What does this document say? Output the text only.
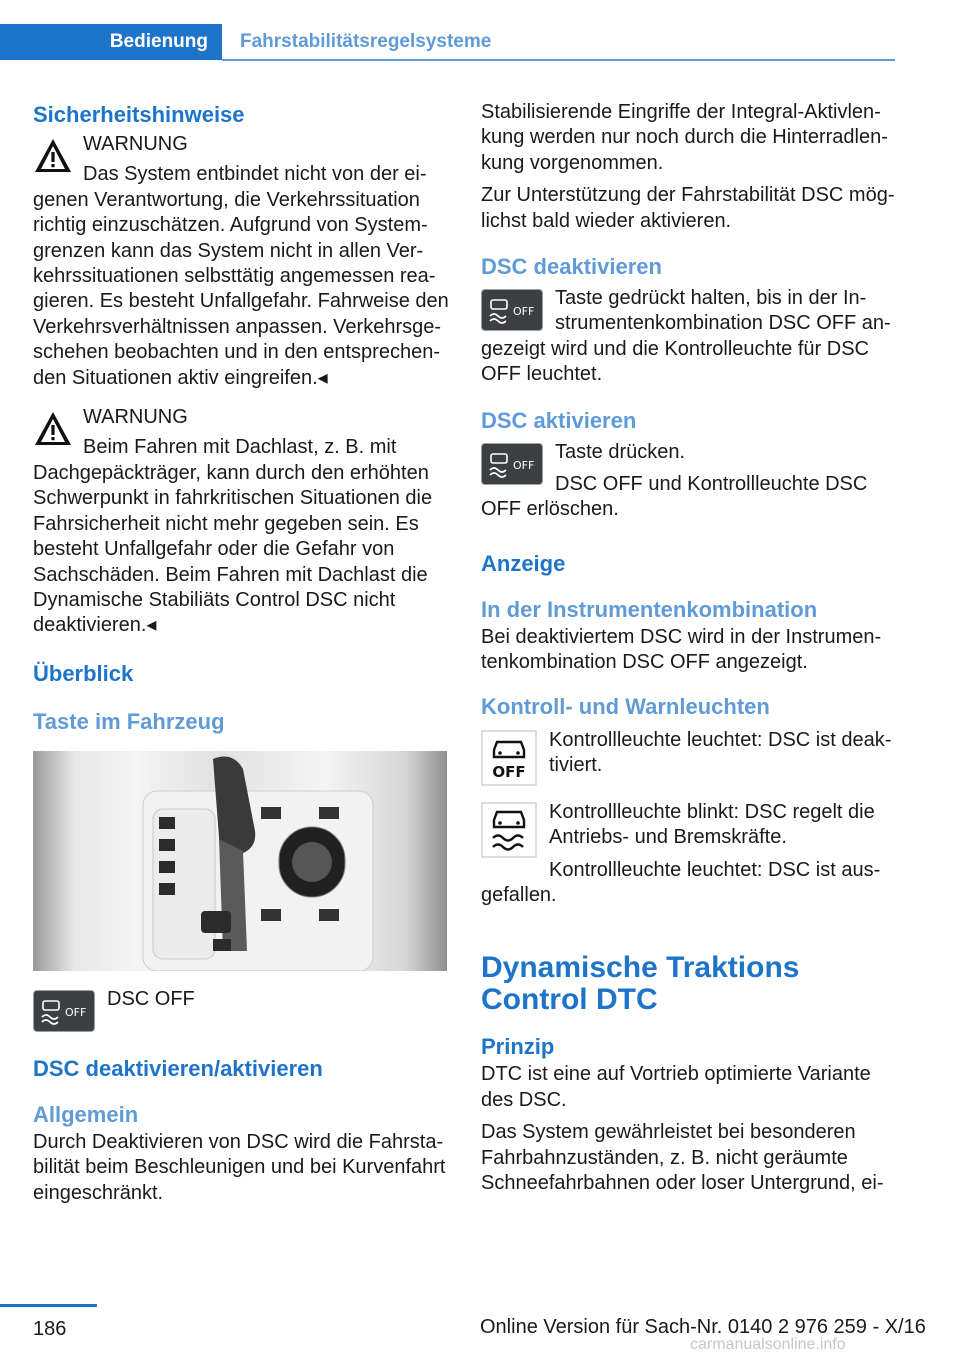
Bedienung	Fahrstabilitätsregelsysteme

Sicherheitshinweise

WARNUNG

Das System entbindet nicht von der ei-

genen Verantwortung, die Verkehrssituation richtig einzuschätzen. Aufgrund von System-grenzen kann das System nicht in allen Ver-kehrssituationen selbsttätig angemessen rea-gieren. Es besteht Unfallgefahr. Fahrweise den Verkehrsverhältnissen anpassen. Verkehrsge-schehen beobachten und in den entsprechen-den Situationen aktiv eingreifen.◂

WARNUNG

Beim Fahren mit Dachlast, z. B. mit

Dachgepäckträger, kann durch den erhöhten Schwerpunkt in fahrkritischen Situationen die Fahrsicherheit nicht mehr gegeben sein. Es besteht Unfallgefahr oder die Gefahr von Sachschäden. Beim Fahren mit Dachlast die Dynamische Stabiliäts Control DSC nicht deaktivieren.◂

Überblick

Taste im Fahrzeug

OFF

DSC OFF

DSC deaktivieren/aktivieren

Allgemein

Durch Deaktivieren von DSC wird die Fahrsta-bilität beim Beschleunigen und bei Kurvenfahrt eingeschränkt.

Stabilisierende Eingriffe der Integral-Aktivlen-kung werden nur noch durch die Hinterradlen-kung vorgenommen.

Zur Unterstützung der Fahrstabilität DSC mög-lichst bald wieder aktivieren.

DSC deaktivieren

OFF

Taste gedrückt halten, bis in der In-

strumentenkombination DSC OFF an-

gezeigt wird und die Kontrolleuchte für DSC OFF leuchtet.

DSC aktivieren

OFF

Taste drücken.

DSC OFF und Kontrollleuchte DSC

OFF erlöschen.

Anzeige

In der Instrumentenkombination

Bei deaktiviertem DSC wird in der Instrumen-tenkombination DSC OFF angezeigt.

Kontroll- und Warnleuchten

OFF

Kontrollleuchte leuchtet: DSC ist deak-tiviert.

Kontrollleuchte blinkt: DSC regelt die Antriebs- und Bremskräfte.

Kontrollleuchte leuchtet: DSC ist aus-

gefallen.

Dynamische Traktions

Control DTC

Prinzip

DTC ist eine auf Vortrieb optimierte Variante des DSC.

Das System gewährleistet bei besonderen Fahrbahnzuständen, z. B. nicht geräumte Schneefahrbahnen oder loser Untergrund, ei-

186	Online Version für Sach-Nr. 0140 2 976 259 - X/16
carmanualsonline.info
